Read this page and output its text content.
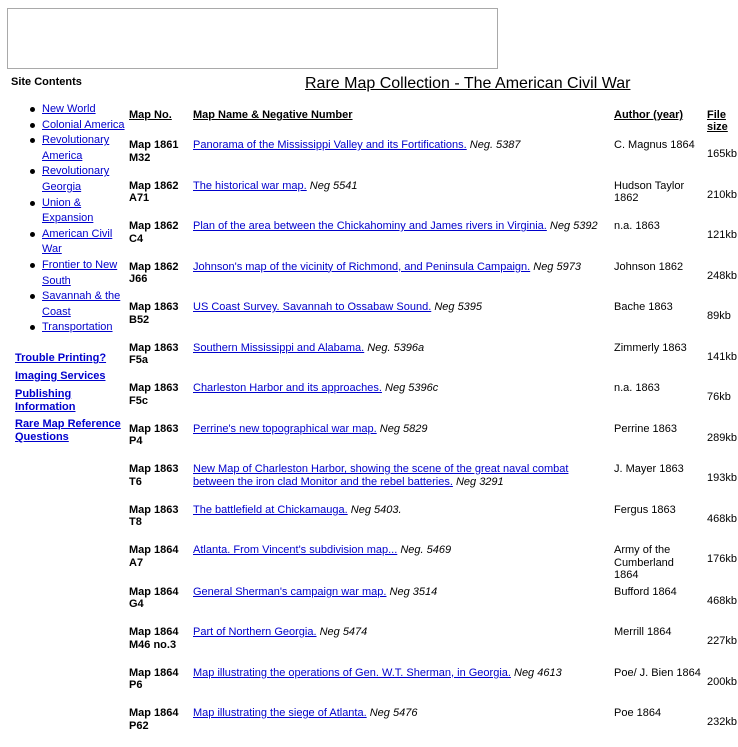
Site Contents
New World
Colonial America
Revolutionary America
Revolutionary Georgia
Union & Expansion
American Civil War
Frontier to New South
Savannah & the Coast
Transportation
Trouble Printing?
Imaging Services
Publishing Information
Rare Map Reference Questions
Rare Map Collection - The American Civil War
Map No.	Map Name & Negative Number	Author (year)	File size
Map 1861 M32	Panorama of the Mississippi Valley and its Fortifications. Neg. 5387	C. Magnus 1864	165kb
Map 1862 A71	The historical war map. Neg 5541	Hudson Taylor 1862	210kb
Map 1862 C4	Plan of the area between the Chickahominy and James rivers in Virginia. Neg 5392	n.a. 1863	121kb
Map 1862 J66	Johnson's map of the vicinity of Richmond, and Peninsula Campaign. Neg 5973	Johnson 1862	248kb
Map 1863 B52	US Coast Survey. Savannah to Ossabaw Sound. Neg 5395	Bache 1863	89kb
Map 1863 F5a	Southern Mississippi and Alabama. Neg. 5396a	Zimmerly 1863	141kb
Map 1863 F5c	Charleston Harbor and its approaches. Neg 5396c	n.a. 1863	76kb
Map 1863 P4	Perrine's new topographical war map. Neg 5829	Perrine 1863	289kb
Map 1863 T6	New Map of Charleston Harbor, showing the scene of the great naval combat between the iron clad Monitor and the rebel batteries. Neg 3291	J. Mayer 1863	193kb
Map 1863 T8	The battlefield at Chickamauga. Neg 5403.	Fergus 1863	468kb
Map 1864 A7	Atlanta. From Vincent's subdivision map... Neg. 5469	Army of the Cumberland 1864	176kb
Map 1864 G4	General Sherman's campaign war map. Neg 3514	Bufford 1864	468kb
Map 1864 M46 no.3	Part of Northern Georgia. Neg 5474	Merrill 1864	227kb
Map 1864 P6	Map illustrating the operations of Gen. W.T. Sherman, in Georgia. Neg 4613	Poe/ J. Bien 1864	200kb
Map 1864 P62	Map illustrating the siege of Atlanta. Neg 5476	Poe 1864	232kb
